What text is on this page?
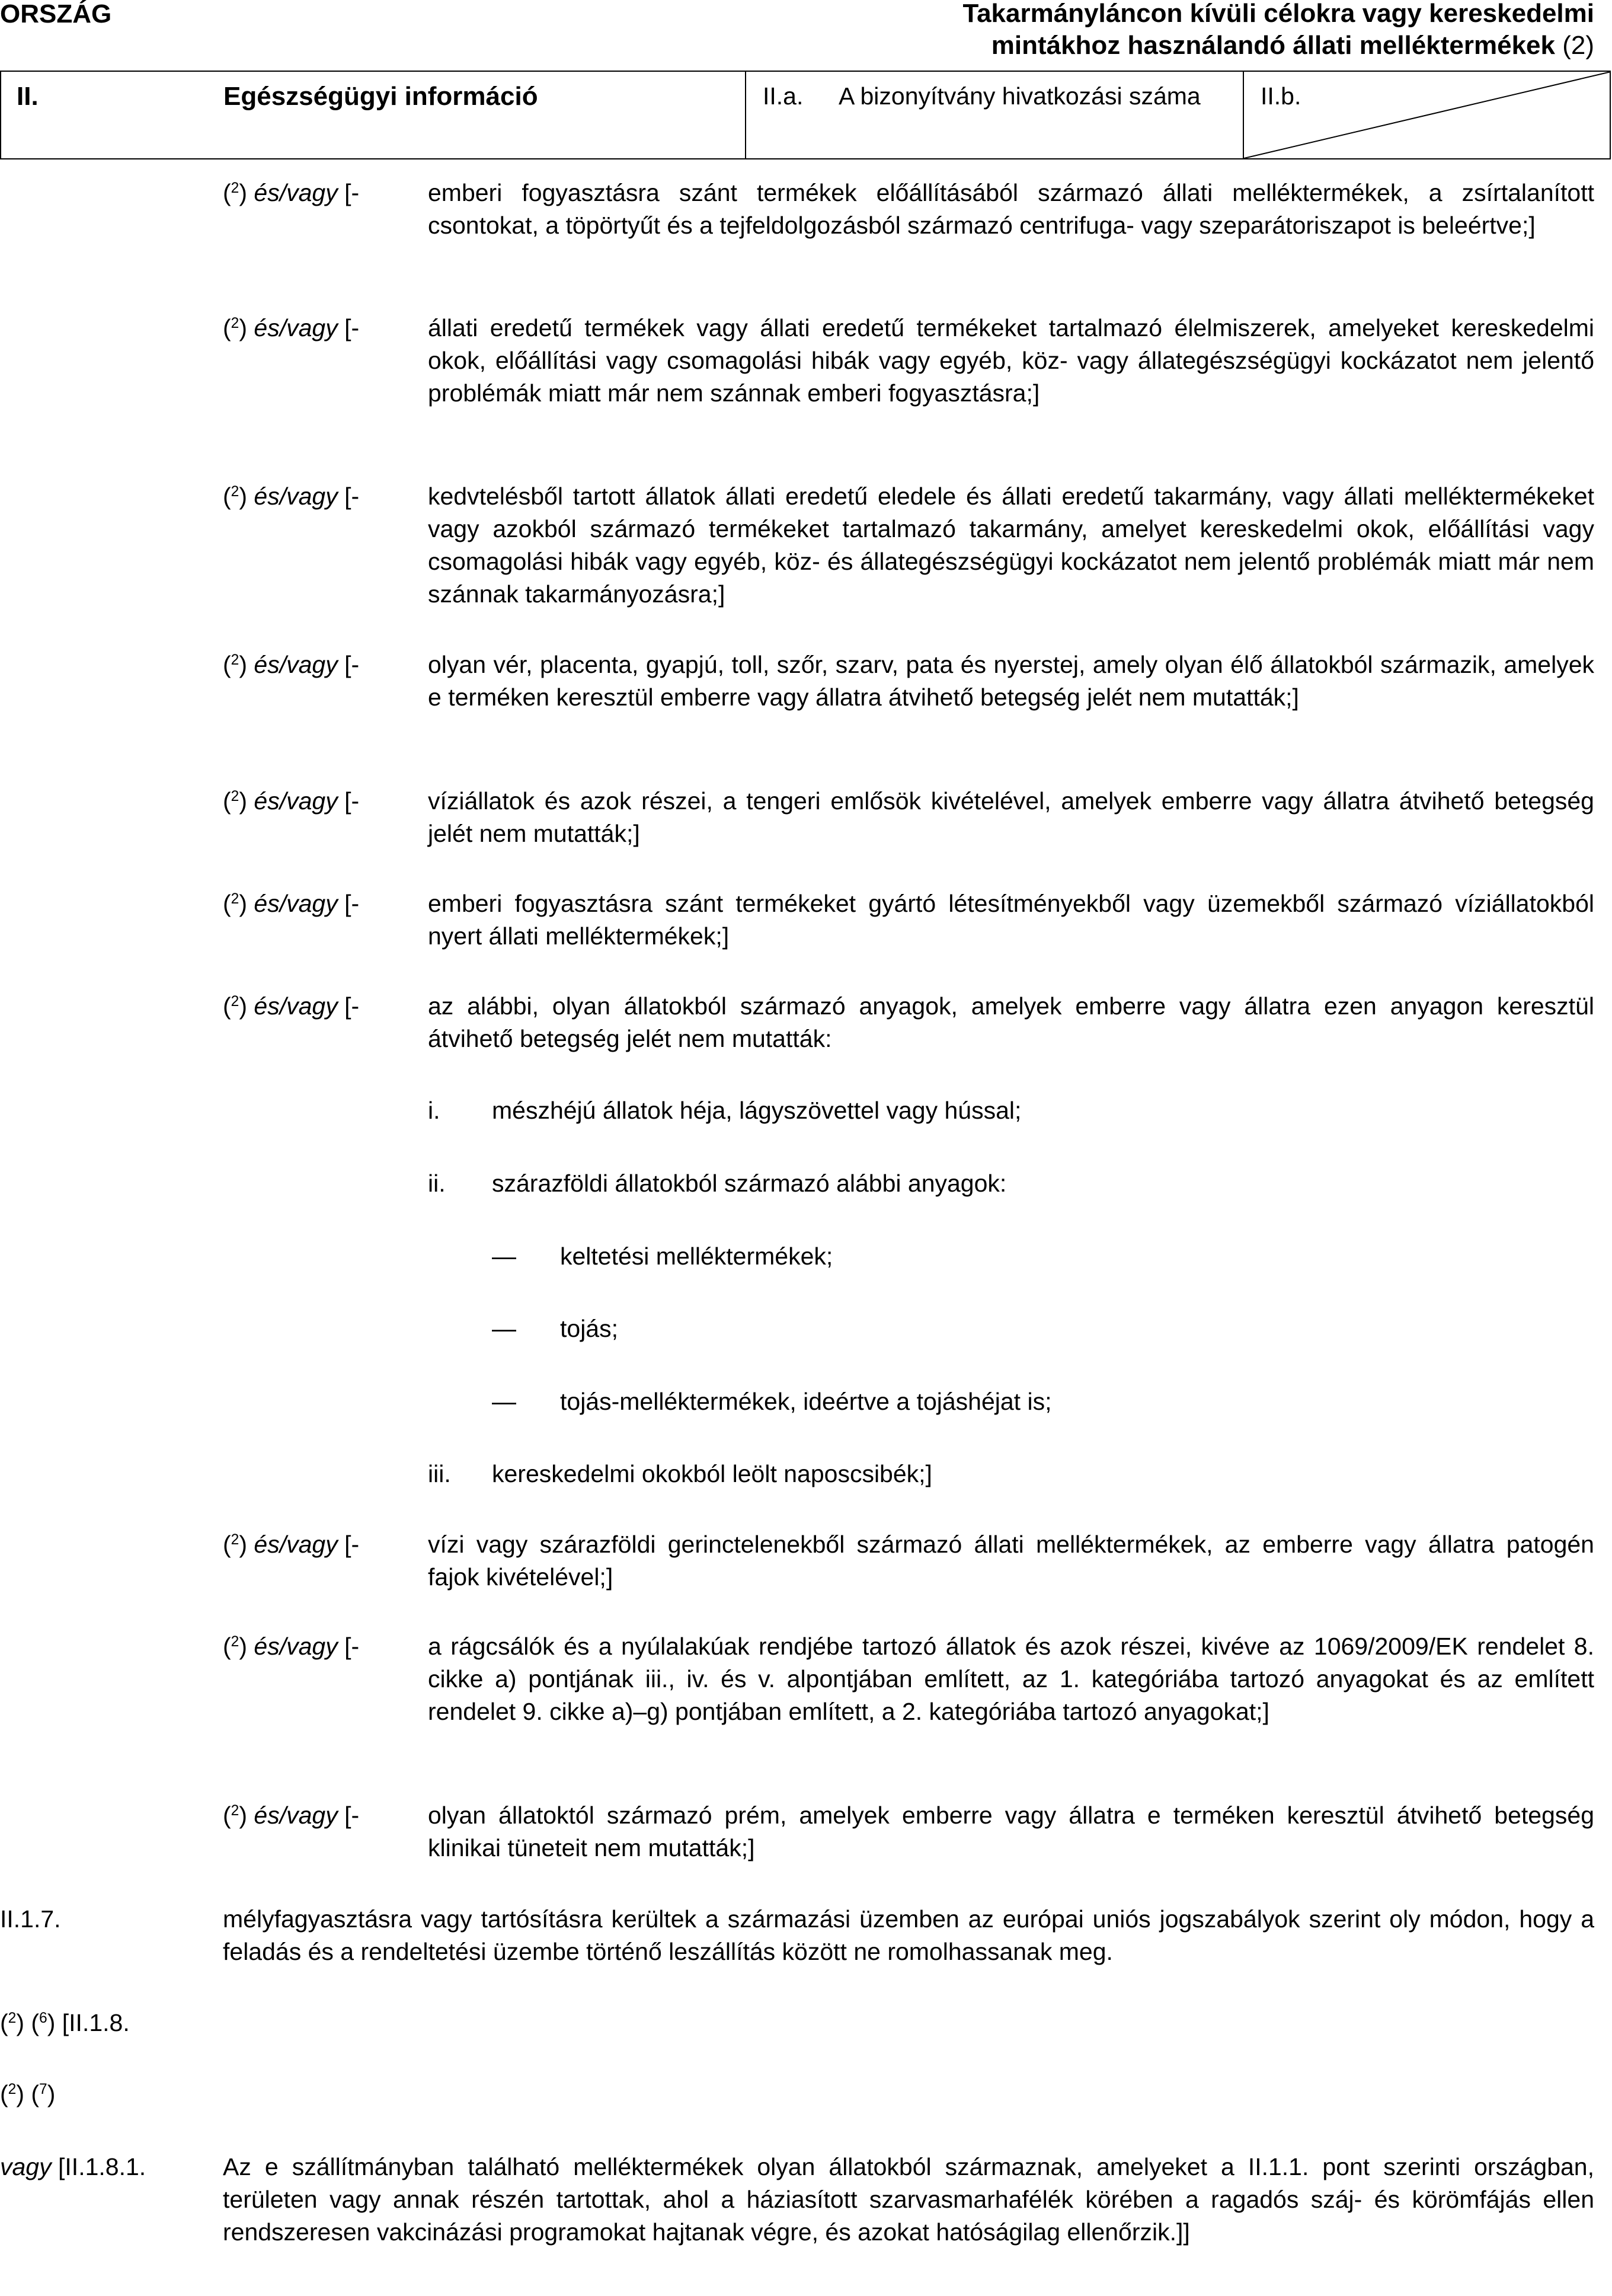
ORSZÁG	Takarmányláncon kívüli célokra vagy kereskedelmi
mintákhoz használandó állati melléktermékek (2)
II.	Egészségügyi információ	II.a. A bizonyítvány hivatkozási száma	II.b.
($^2$) és/vagy [-	emberi fogyasztásra szánt termékek előállításából származó állati melléktermékek, a zsírtalanított csontokat, a töpörtyűt és a tejfeldolgozásból származó centrifuga- vagy szeparátoriszapot is beleértve;]
($^2$) és/vagy [-	állati eredetű termékek vagy állati eredetű termékeket tartalmazó élelmiszerek, amelyeket kereskedelmi okok, előállítási vagy csomagolási hibák vagy egyéb, köz- vagy állategészségügyi kockázatot nem jelentő problémák miatt már nem szánnak emberi fogyasztásra;]
($^2$) és/vagy [-	kedvtelésből tartott állatok állati eredetű eledele és állati eredetű takarmány, vagy állati melléktermékeket vagy azokból származó termékeket tartalmazó takarmány, amelyet kereskedelmi okok, előállítási vagy csomagolási hibák vagy egyéb, köz- és állategészségügyi kockázatot nem jelentő problémák miatt már nem szánnak takarmányozásra;]
($^2$) és/vagy [-	olyan vér, placenta, gyapjú, toll, szőr, szarv, pata és nyerstej, amely olyan élő állatokból származik, amelyek e terméken keresztül emberre vagy állatra átvihető betegség jelét nem mutatták;]
($^2$) és/vagy [-	víziállatok és azok részei, a tengeri emlősök kivételével, amelyek emberre vagy állatra átvihető betegség jelét nem mutatták;]
($^2$) és/vagy [-	emberi fogyasztásra szánt termékeket gyártó létesítményekből vagy üzemekből származó víziállatokból nyert állati melléktermékek;]
($^2$) és/vagy [-	az alábbi, olyan állatokból származó anyagok, amelyek emberre vagy állatra ezen anyagon keresztül átvihető betegség jelét nem mutatták:
i. mészhéjú állatok héja, lágyszövettel vagy hússal;
ii. szárazföldi állatokból származó alábbi anyagok:
— keltetési melléktermékek;
— tojás;
— tojás-melléktermékek, ideértve a tojáshéjat is;
iii. kereskedelmi okokból leölt naposcsibék;]
($^2$) és/vagy [-	vízi vagy szárazföldi gerinctelenekből származó állati melléktermékek, az emberre vagy állatra patogén fajok kivételével;]
($^2$) és/vagy [-	a rágcsálók és a nyúlalakúak rendjébe tartozó állatok és azok részei, kivéve az 1069/2009/EK rendelet 8. cikke a) pontjának iii., iv. és v. alpontjában említett, az 1. kategóriába tartozó anyagokat és az említett rendelet 9. cikke a)–g) pontjában említett, a 2. kategóriába tartozó anyagokat;]
($^2$) és/vagy [-	olyan állatoktól származó prém, amelyek emberre vagy állatra e terméken keresztül átvihető betegség klinikai tüneteit nem mutatták;]
II.1.7.	mélyfagyasztásra vagy tartósításra kerültek a származási üzemben az európai uniós jogszabályok szerint oly módon, hogy a feladás és a rendeltetési üzembe történő leszállítás között ne romolhassanak meg.
($^2$) ($^6$) [II.1.8.
($^2$) ($^7$)
vagy [II.1.8.1.	Az e szállítmányban található melléktermékek olyan állatokból származnak, amelyeket a II.1.1. pont szerinti országban, területen vagy annak részén tartottak, ahol a háziasított szarvasmarhafélék körében a ragadós száj- és körömfájás ellen rendszeresen vakcinázási programokat hajtanak végre, és azokat hatóságilag ellenőrzik.]]
